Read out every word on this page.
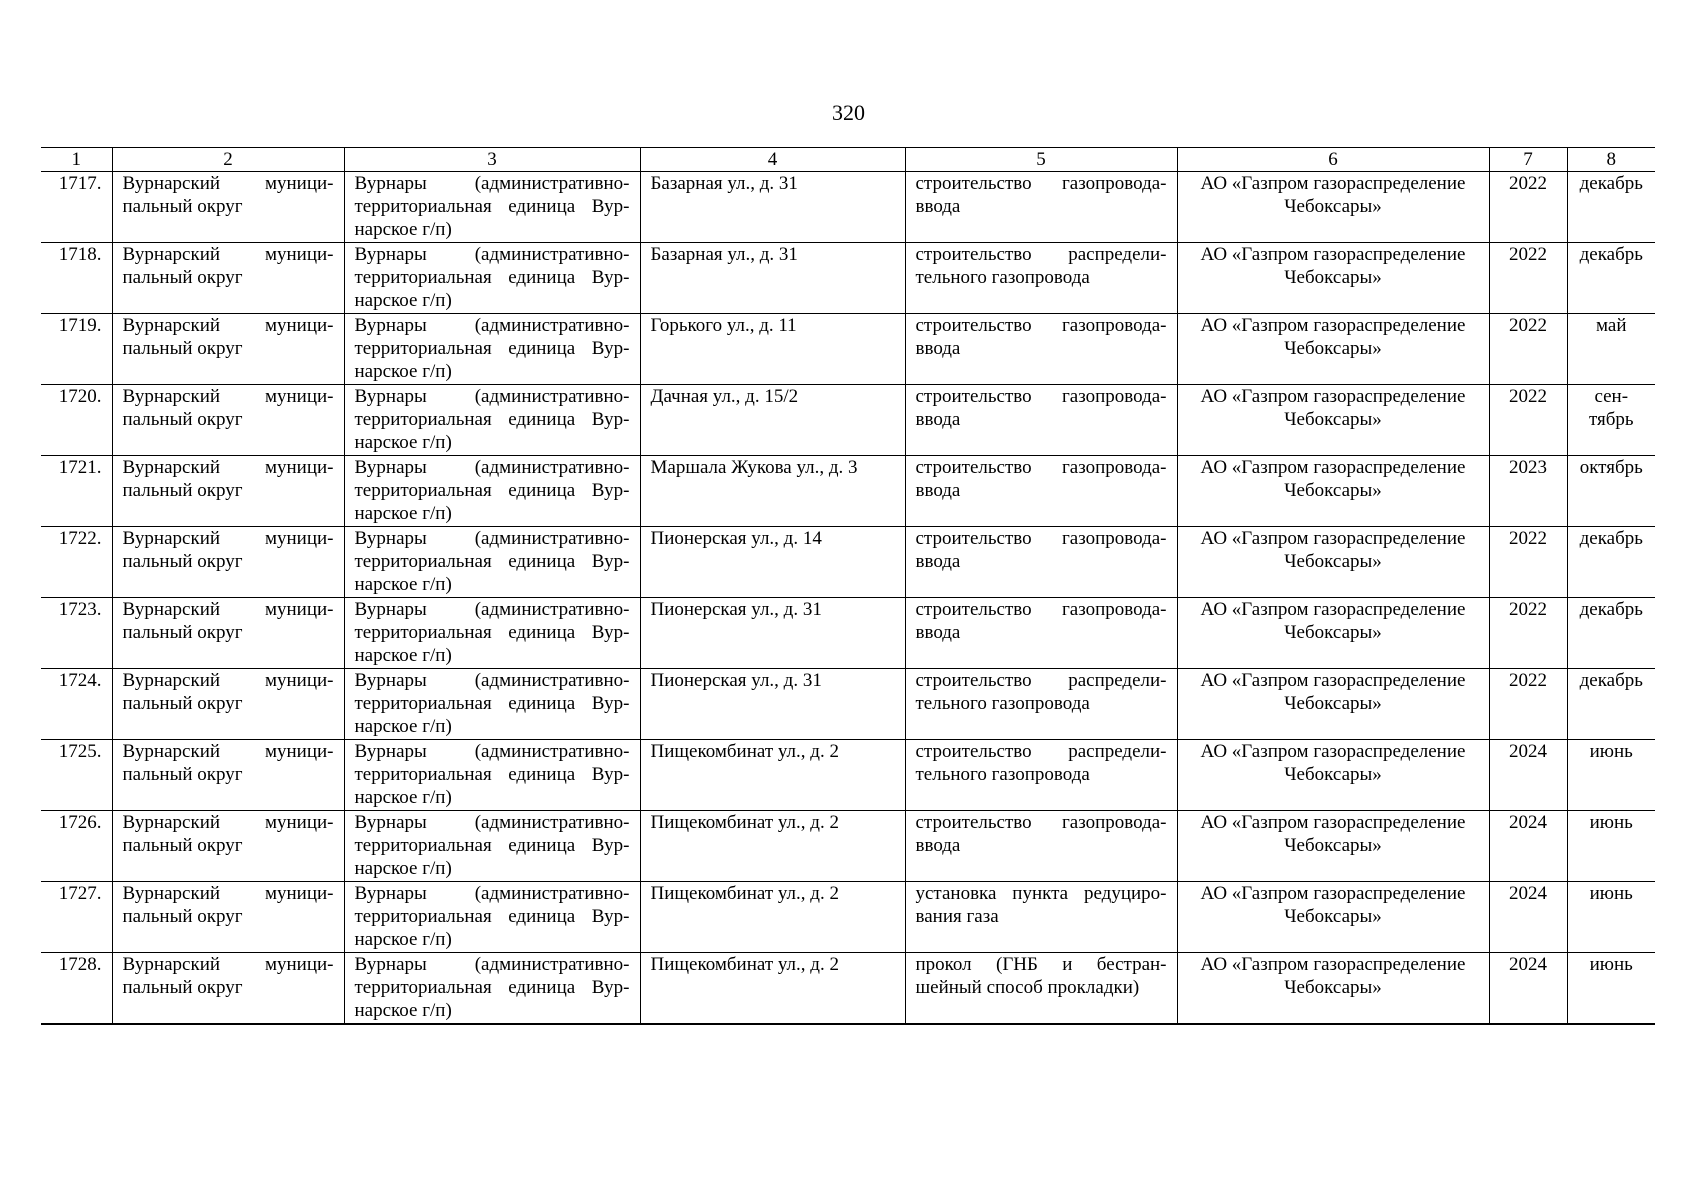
320
1	2	3	4	5	6	7	8
1717.	Вурнарский муници-пальный округ	Вурнары (административно-территориальная единица Вур-нарское г/п)	Базарная ул., д. 31	строительство газопровода-ввода	АО «Газпром газораспределение Чебоксары»	2022	декабрь
1718.	Вурнарский муници-пальный округ	Вурнары (административно-территориальная единица Вур-нарское г/п)	Базарная ул., д. 31	строительство распредели-тельного газопровода	АО «Газпром газораспределение Чебоксары»	2022	декабрь
1719.	Вурнарский муници-пальный округ	Вурнары (административно-территориальная единица Вур-нарское г/п)	Горького ул., д. 11	строительство газопровода-ввода	АО «Газпром газораспределение Чебоксары»	2022	май
1720.	Вурнарский муници-пальный округ	Вурнары (административно-территориальная единица Вур-нарское г/п)	Дачная ул., д. 15/2	строительство газопровода-ввода	АО «Газпром газораспределение Чебоксары»	2022	сен-тябрь
1721.	Вурнарский муници-пальный округ	Вурнары (административно-территориальная единица Вур-нарское г/п)	Маршала Жукова ул., д. 3	строительство газопровода-ввода	АО «Газпром газораспределение Чебоксары»	2023	октябрь
1722.	Вурнарский муници-пальный округ	Вурнары (административно-территориальная единица Вур-нарское г/п)	Пионерская ул., д. 14	строительство газопровода-ввода	АО «Газпром газораспределение Чебоксары»	2022	декабрь
1723.	Вурнарский муници-пальный округ	Вурнары (административно-территориальная единица Вур-нарское г/п)	Пионерская ул., д. 31	строительство газопровода-ввода	АО «Газпром газораспределение Чебоксары»	2022	декабрь
1724.	Вурнарский муници-пальный округ	Вурнары (административно-территориальная единица Вур-нарское г/п)	Пионерская ул., д. 31	строительство распредели-тельного газопровода	АО «Газпром газораспределение Чебоксары»	2022	декабрь
1725.	Вурнарский муници-пальный округ	Вурнары (административно-территориальная единица Вур-нарское г/п)	Пищекомбинат ул., д. 2	строительство распредели-тельного газопровода	АО «Газпром газораспределение Чебоксары»	2024	июнь
1726.	Вурнарский муници-пальный округ	Вурнары (административно-территориальная единица Вур-нарское г/п)	Пищекомбинат ул., д. 2	строительство газопровода-ввода	АО «Газпром газораспределение Чебоксары»	2024	июнь
1727.	Вурнарский муници-пальный округ	Вурнары (административно-территориальная единица Вур-нарское г/п)	Пищекомбинат ул., д. 2	установка пункта редуциро-вания газа	АО «Газпром газораспределение Чебоксары»	2024	июнь
1728.	Вурнарский муници-пальный округ	Вурнары (административно-территориальная единица Вур-нарское г/п)	Пищекомбинат ул., д. 2	прокол (ГНБ и бестран-шейный способ прокладки)	АО «Газпром газораспределение Чебоксары»	2024	июнь
